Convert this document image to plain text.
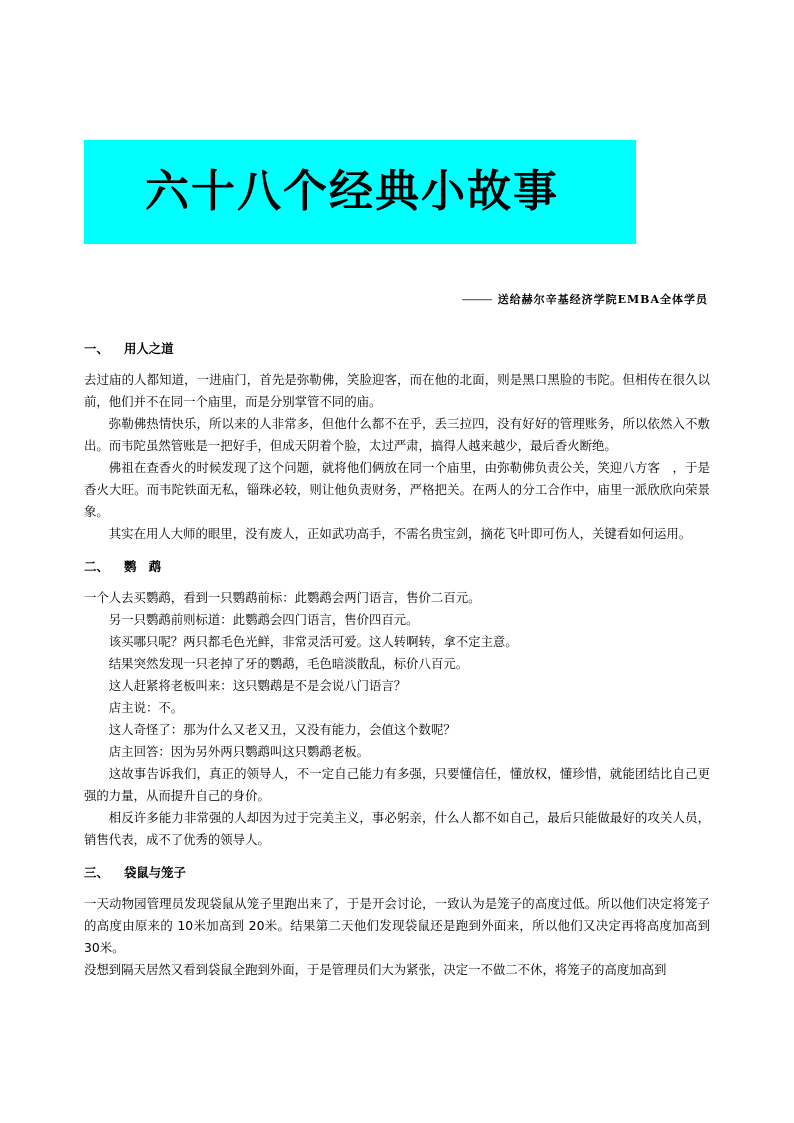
六十八个经典小故事
——— 送给赫尔辛基经济学院EMBA全体学员
一、 用人之道

去过庙的人都知道，一进庙门，首先是弥勒佛，笑脸迎客，而在他的北面，则是黑口黑脸的韦陀。但相传在很久以前，他们并不在同一个庙里，而是分别掌管不同的庙。

弥勒佛热情快乐，所以来的人非常多，但他什么都不在乎，丢三拉四，没有好好的管理账务，所以依然入不敷出。而韦陀虽然管账是一把好手，但成天阴着个脸，太过严肃，搞得人越来越少，最后香火断绝。

佛祖在查香火的时候发现了这个问题，就将他们俩放在同一个庙里，由弥勒佛负责公关，笑迎八方客　，于是香火大旺。而韦陀铁面无私，锱珠必较，则让他负责财务，严格把关。在两人的分工合作中，庙里一派欣欣向荣景象。

其实在用人大师的眼里，没有废人，正如武功高手，不需名贵宝剑，摘花飞叶即可伤人，关键看如何运用。

二、 鹦　鹉

一个人去买鹦鹉，看到一只鹦鹉前标：此鹦鹉会两门语言，售价二百元。

另一只鹦鹉前则标道：此鹦鹉会四门语言，售价四百元。

该买哪只呢？两只都毛色光鲜，非常灵活可爱。这人转啊转，拿不定主意。

结果突然发现一只老掉了牙的鹦鹉，毛色暗淡散乱，标价八百元。

这人赶紧将老板叫来：这只鹦鹉是不是会说八门语言？

店主说：不。

这人奇怪了：那为什么又老又丑，又没有能力，会值这个数呢？

店主回答：因为另外两只鹦鹉叫这只鹦鹉老板。

这故事告诉我们，真正的领导人，不一定自己能力有多强，只要懂信任，懂放权，懂珍惜，就能团结比自己更强的力量，从而提升自己的身价。

相反许多能力非常强的人却因为过于完美主义，事必躬亲，什么人都不如自己，最后只能做最好的攻关人员，销售代表，成不了优秀的领导人。

三、 袋鼠与笼子

一天动物园管理员发现袋鼠从笼子里跑出来了，于是开会讨论，一致认为是笼子的高度过低。所以他们决定将笼子的高度由原来的 10米加高到 20米。结果第二天他们发现袋鼠还是跑到外面来，所以他们又决定再将高度加高到 30米。

没想到隔天居然又看到袋鼠全跑到外面，于是管理员们大为紧张，决定一不做二不休，将笼子的高度加高到
